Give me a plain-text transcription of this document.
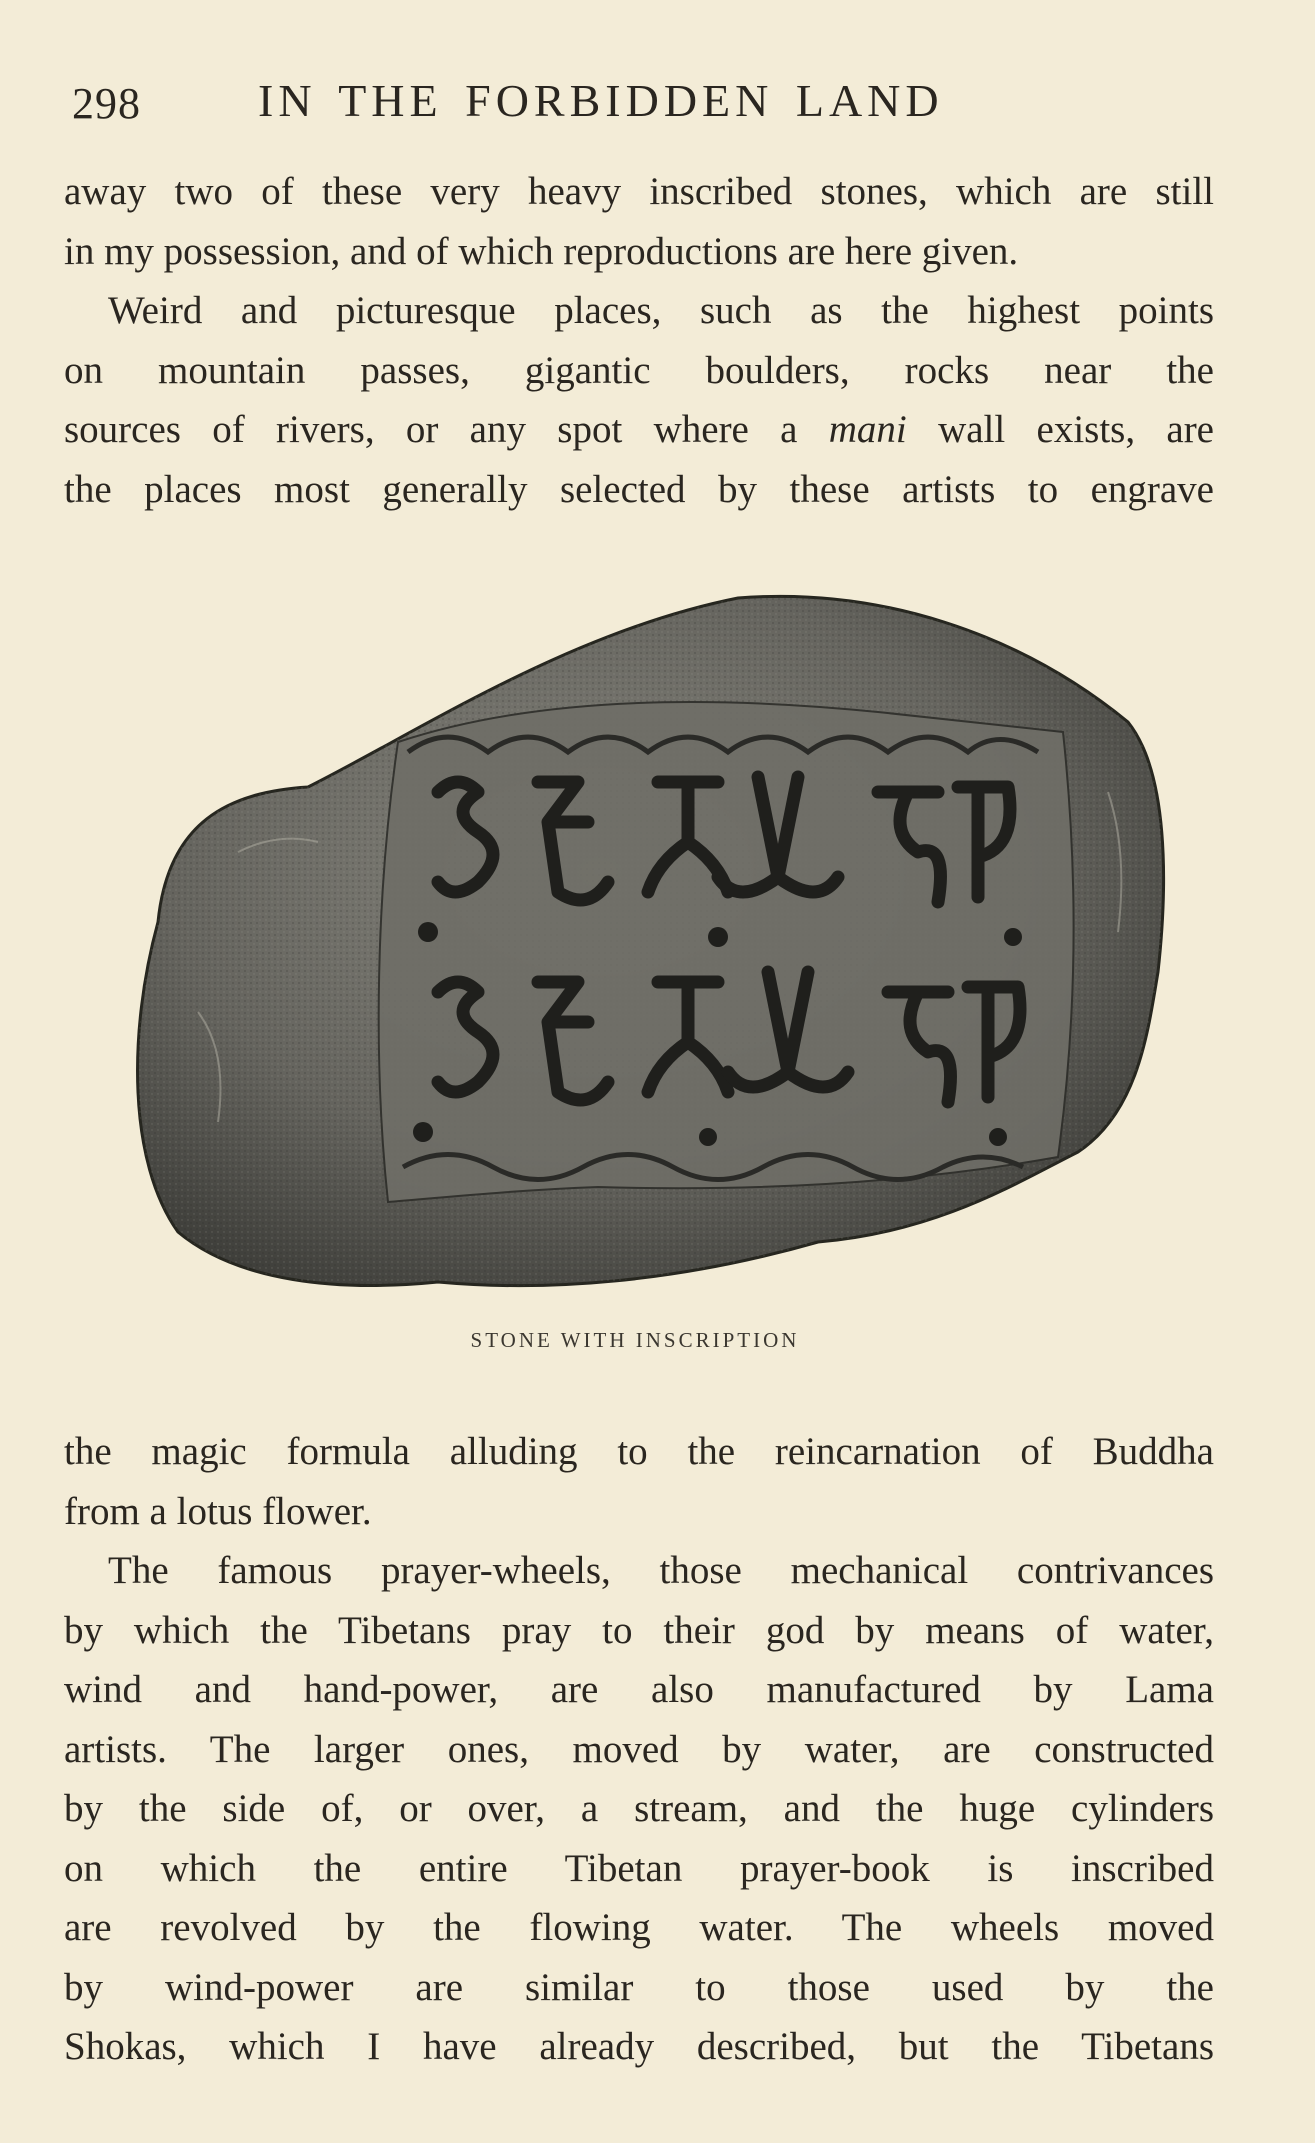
298	IN THE FORBIDDEN LAND

away two of these very heavy inscribed stones, which are still

in my possession, and of which reproductions are here given.

Weird and picturesque places, such as the highest points

on mountain passes, gigantic boulders, rocks near the

sources of rivers, or any spot where a mani wall exists, are

the places most generally selected by these artists to engrave

STONE WITH INSCRIPTION

the magic formula alluding to the reincarnation of Buddha

from a lotus flower.

The famous prayer-wheels, those mechanical contrivances

by which the Tibetans pray to their god by means of water,

wind and hand-power, are also manufactured by Lama

artists. The larger ones, moved by water, are constructed

by the side of, or over, a stream, and the huge cylinders

on which the entire Tibetan prayer-book is inscribed

are revolved by the flowing water. The wheels moved

by wind-power are similar to those used by the

Shokas, which I have already described, but the Tibetans
